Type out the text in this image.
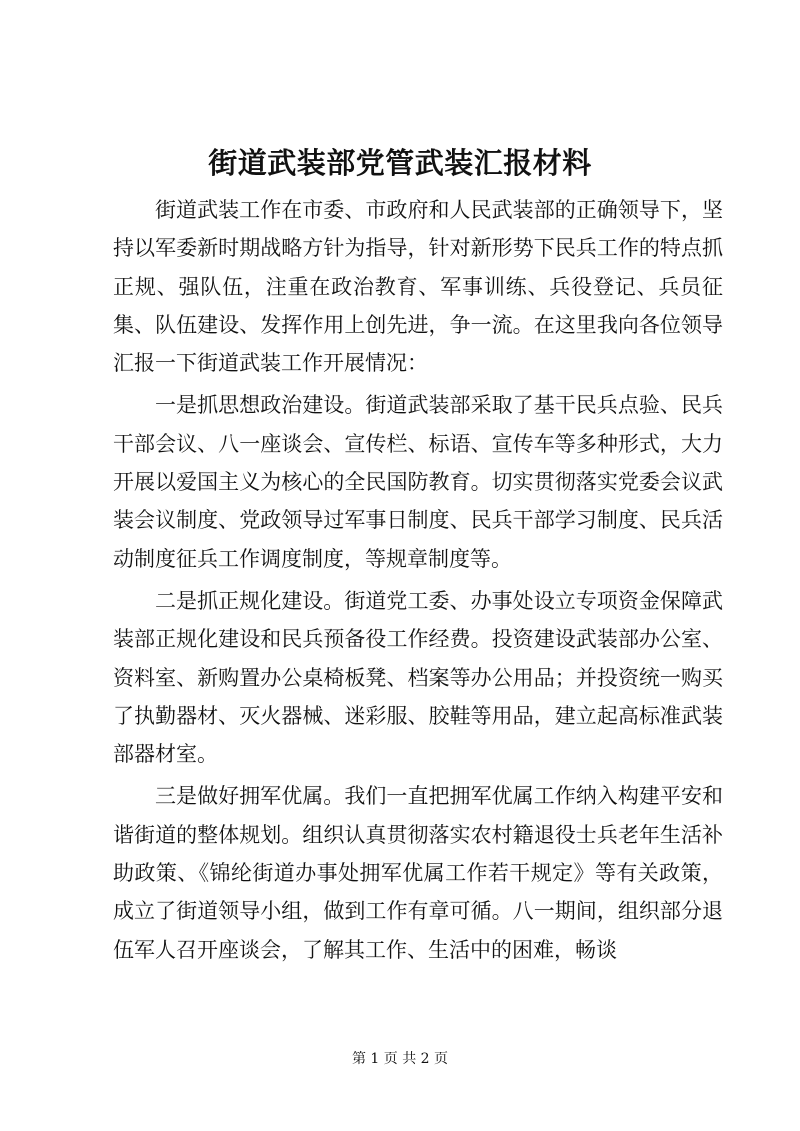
街道武装部党管武装汇报材料

街道武装工作在市委、市政府和人民武装部的正确领导下，坚持以军委新时期战略方针为指导，针对新形势下民兵工作的特点抓正规、强队伍，注重在政治教育、军事训练、兵役登记、兵员征集、队伍建设、发挥作用上创先进，争一流。在这里我向各位领导汇报一下街道武装工作开展情况：

一是抓思想政治建设。街道武装部采取了基干民兵点验、民兵干部会议、八一座谈会、宣传栏、标语、宣传车等多种形式，大力开展以爱国主义为核心的全民国防教育。切实贯彻落实党委会议武装会议制度、党政领导过军事日制度、民兵干部学习制度、民兵活动制度征兵工作调度制度，等规章制度等。

二是抓正规化建设。街道党工委、办事处设立专项资金保障武装部正规化建设和民兵预备役工作经费。投资建设武装部办公室、资料室、新购置办公桌椅板凳、档案等办公用品；并投资统一购买了执勤器材、灭火器械、迷彩服、胶鞋等用品，建立起高标准武装部器材室。

三是做好拥军优属。我们一直把拥军优属工作纳入构建平安和谐街道的整体规划。组织认真贯彻落实农村籍退役士兵老年生活补助政策、《锦纶街道办事处拥军优属工作若干规定》等有关政策，成立了街道领导小组，做到工作有章可循。八一期间，组织部分退伍军人召开座谈会，了解其工作、生活中的困难，畅谈

第 1 页 共 2 页
